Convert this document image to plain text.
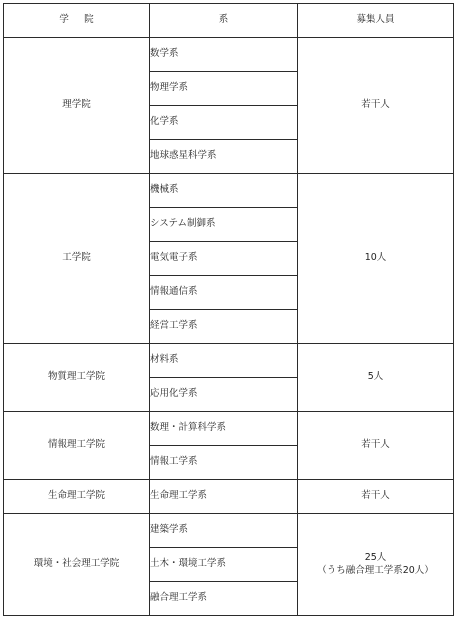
学院	系	募集人員
理学院	数学系	若干人
	物理学系	
	化学系	
	地球惑星科学系	
工学院	機械系	10人
	システム制御系	
	電気電子系	
	情報通信系	
	経営工学系	
物質理工学院	材料系	5人
	応用化学系	
情報理工学院	数理・計算科学系	若干人
	情報工学系	
生命理工学院	生命理工学系	若干人
環境・社会理工学院	建築学系	25人
（うち融合理工学系20人）

	土木・環境工学系	
	融合理工学系	
